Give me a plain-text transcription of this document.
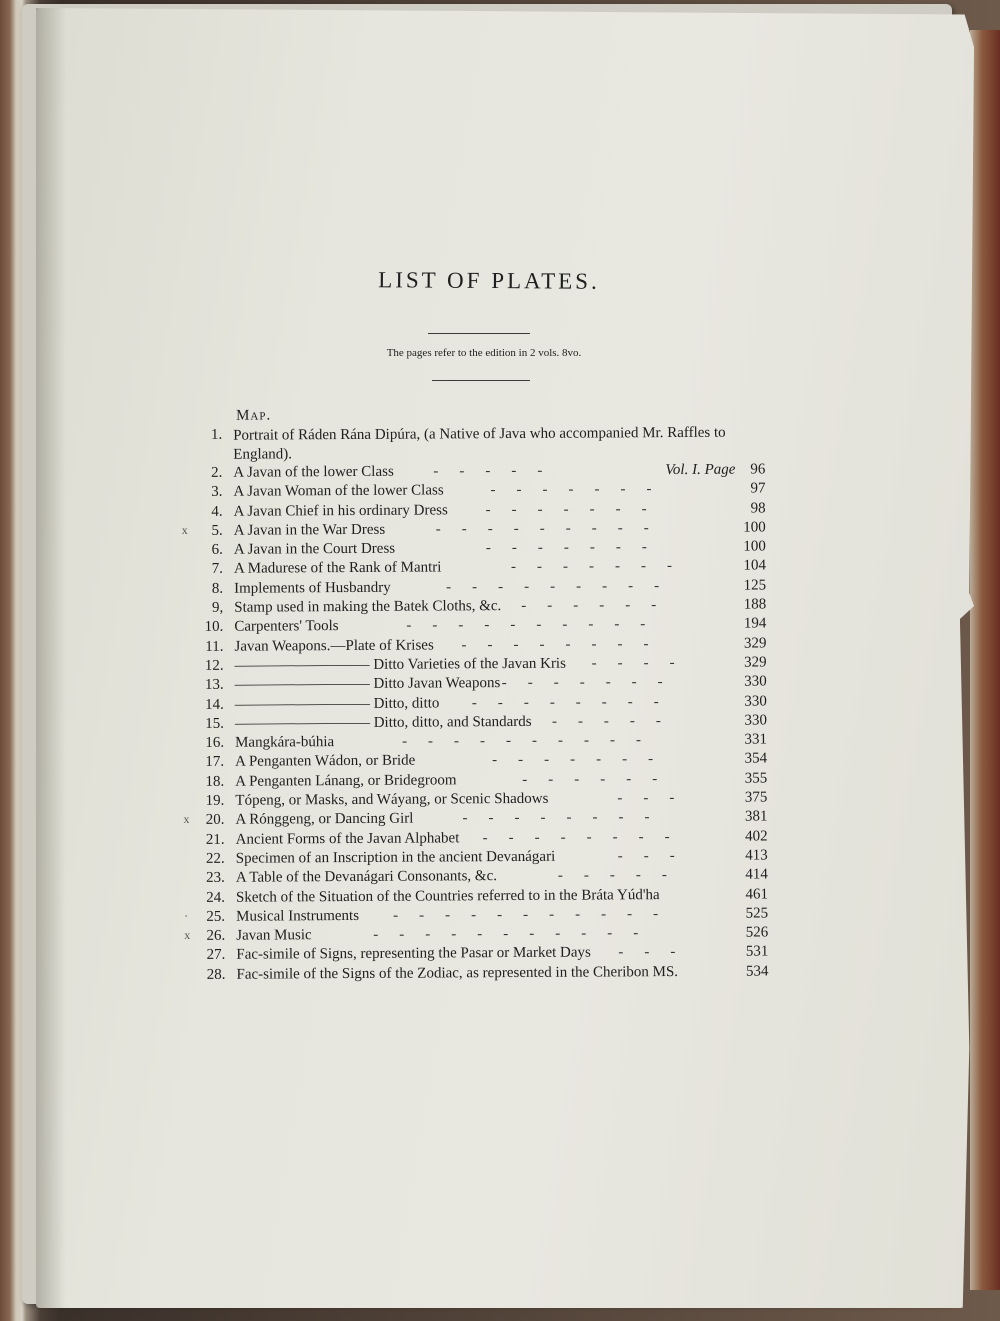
LIST OF PLATES.
The pages refer to the edition in 2 vols. 8vo.
Map.
1. Portrait of Ráden Rána Dipúra, (a Native of Java who accompanied Mr. Raffles to England).
2. A Javan of the lower Class	-----	Vol. I. Page 96
3. A Javan Woman of the lower Class	-------	97
4. A Javan Chief in his ordinary Dress	-------	98
x	5. A Javan in the War Dress	---------	100
6. A Javan in the Court Dress	-------	100
7. A Madurese of the Rank of Mantri	-------	104
8. Implements of Husbandry	---------	125
9, Stamp used in making the Batek Cloths, &c. ------	188
10. Carpenters' Tools	----------	194
11. Javan Weapons.—Plate of Krises --------	329
12. ————————— Ditto Varieties of the Javan Kris ----	329
13. ————————— Ditto Javan Weapons -------	330
14. ————————— Ditto, ditto --------	330
15. ————————— Ditto, ditto, and Standards -----	330
16. Mangkára-búhia	----------	331
17. A Penganten Wádon, or Bride	-------	354
18. A Penganten Lánang, or Bridegroom	------	355
19. Tópeng, or Masks, and Wáyang, or Scenic Shadows	---	375
x	20. A Rónggeng, or Dancing Girl	--------	381
21. Ancient Forms of the Javan Alphabet --------	402
22. Specimen of an Inscription in the ancient Devanágari	---	413
23. A Table of the Devanágari Consonants, &c.	-----	414
24. Sketch of the Situation of the Countries referred to in the Bráta Yúd'ha	461
·	25. Musical Instruments -----------	525
x	26. Javan Music	-----------	526
27. Fac-simile of Signs, representing the Pasar or Market Days ---	531
28. Fac-simile of the Signs of the Zodiac, as represented in the Cheribon MS.	534
